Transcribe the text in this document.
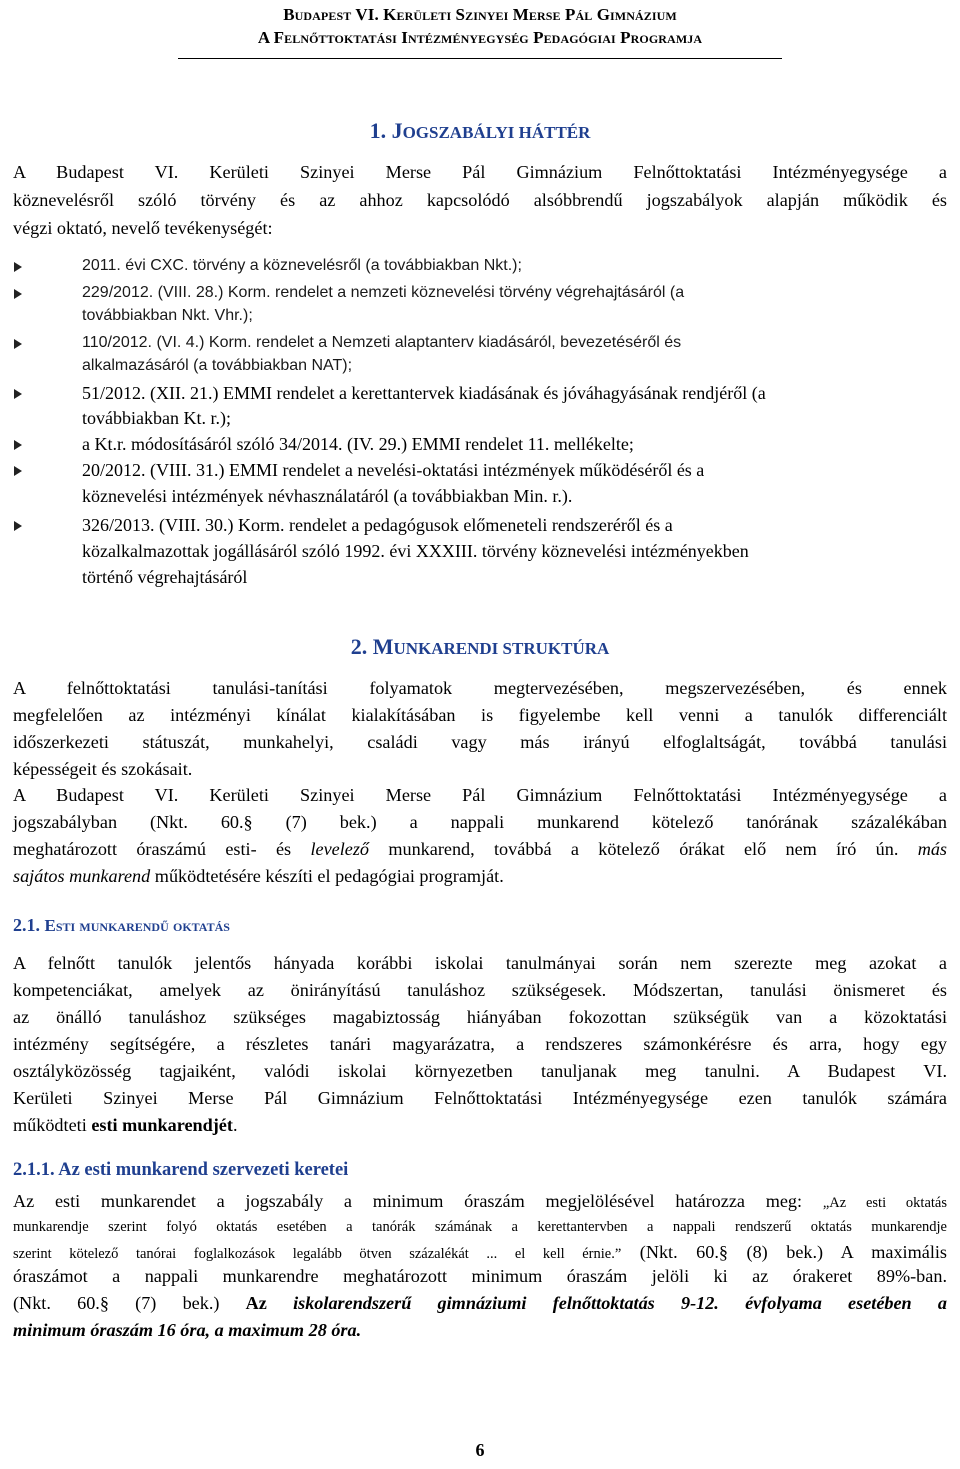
Budapest VI. Kerületi Szinyei Merse Pál Gimnázium
A Felnőttoktatási Intézményegység Pedagógiai Programja
1. JOGSZABÁLYI HÁTTÉR
A Budapest VI. Kerületi Szinyei Merse Pál Gimnázium Felnőttoktatási Intézményegysége a
köznevelésről szóló törvény és az ahhoz kapcsolódó alsóbbrendű jogszabályok alapján működik és
végzi oktató, nevelő tevékenységét:
2011. évi CXC. törvény a köznevelésről (a továbbiakban Nkt.);
229/2012. (VIII. 28.) Korm. rendelet a nemzeti köznevelési törvény végrehajtásáról (a
továbbiakban Nkt. Vhr.);
110/2012. (VI. 4.) Korm. rendelet a Nemzeti alaptanterv kiadásáról, bevezetéséről és
alkalmazásáról (a továbbiakban NAT);
51/2012. (XII. 21.) EMMI rendelet a kerettantervek kiadásának és jóváhagyásának rendjéről (a
továbbiakban Kt. r.);
a Kt.r. módosításáról szóló 34/2014. (IV. 29.) EMMI rendelet 11. mellékelte;
20/2012. (VIII. 31.) EMMI rendelet a nevelési-oktatási intézmények működéséről és a
köznevelési intézmények névhasználatáról (a továbbiakban Min. r.).
326/2013. (VIII. 30.) Korm. rendelet a pedagógusok előmeneteli rendszeréről és a
közalkalmazottak jogállásáról szóló 1992. évi XXXIII. törvény köznevelési intézményekben
történő végrehajtásáról
2. MUNKARENDI STRUKTÚRA
A felnőttoktatási tanulási-tanítási folyamatok megtervezésében, megszervezésében, és ennek
megfelelően az intézményi kínálat kialakításában is figyelembe kell venni a tanulók differenciált
időszerkezeti státuszát, munkahelyi, családi vagy más irányú elfoglaltságát, továbbá tanulási
képességeit és szokásait.
A Budapest VI. Kerületi Szinyei Merse Pál Gimnázium Felnőttoktatási Intézményegysége a
jogszabályban (Nkt. 60.§ (7) bek.) a nappali munkarend kötelező tanórának százalékában
meghatározott óraszámú esti- és levelező munkarend, továbbá a kötelező órákat elő nem író ún. más
sajátos munkarend működtetésére készíti el pedagógiai programját.
2.1. Esti munkarendű oktatás
A felnőtt tanulók jelentős hányada korábbi iskolai tanulmányai során nem szerezte meg azokat a
kompetenciákat, amelyek az önirányítású tanuláshoz szükségesek. Módszertan, tanulási önismeret és
az önálló tanuláshoz szükséges magabiztosság hiányában fokozottan szükségük van a közoktatási
intézmény segítségére, a részletes tanári magyarázatra, a rendszeres számonkérésre és arra, hogy egy
osztályközösség tagjaiként, valódi iskolai környezetben tanuljanak meg tanulni. A Budapest VI.
Kerületi Szinyei Merse Pál Gimnázium Felnőttoktatási Intézményegysége ezen tanulók számára
működteti esti munkarendjét.
2.1.1. Az esti munkarend szervezeti keretei
Az esti munkarendet a jogszabály a minimum óraszám megjelölésével határozza meg: „Az esti oktatás
munkarendje szerint folyó oktatás esetében a tanórák számának a kerettantervben a nappali rendszerű oktatás munkarendje
szerint kötelező tanórai foglalkozások legalább ötven százalékát ... el kell érnie.” (Nkt. 60.§ (8) bek.) A maximális
óraszámot a nappali munkarendre meghatározott minimum óraszám jelöli ki az órakeret 89%-ban.
(Nkt. 60.§ (7) bek.) Az iskolarendszerű gimnáziumi felnőttoktatás 9-12. évfolyama esetében a
minimum óraszám 16 óra, a maximum 28 óra.
6
